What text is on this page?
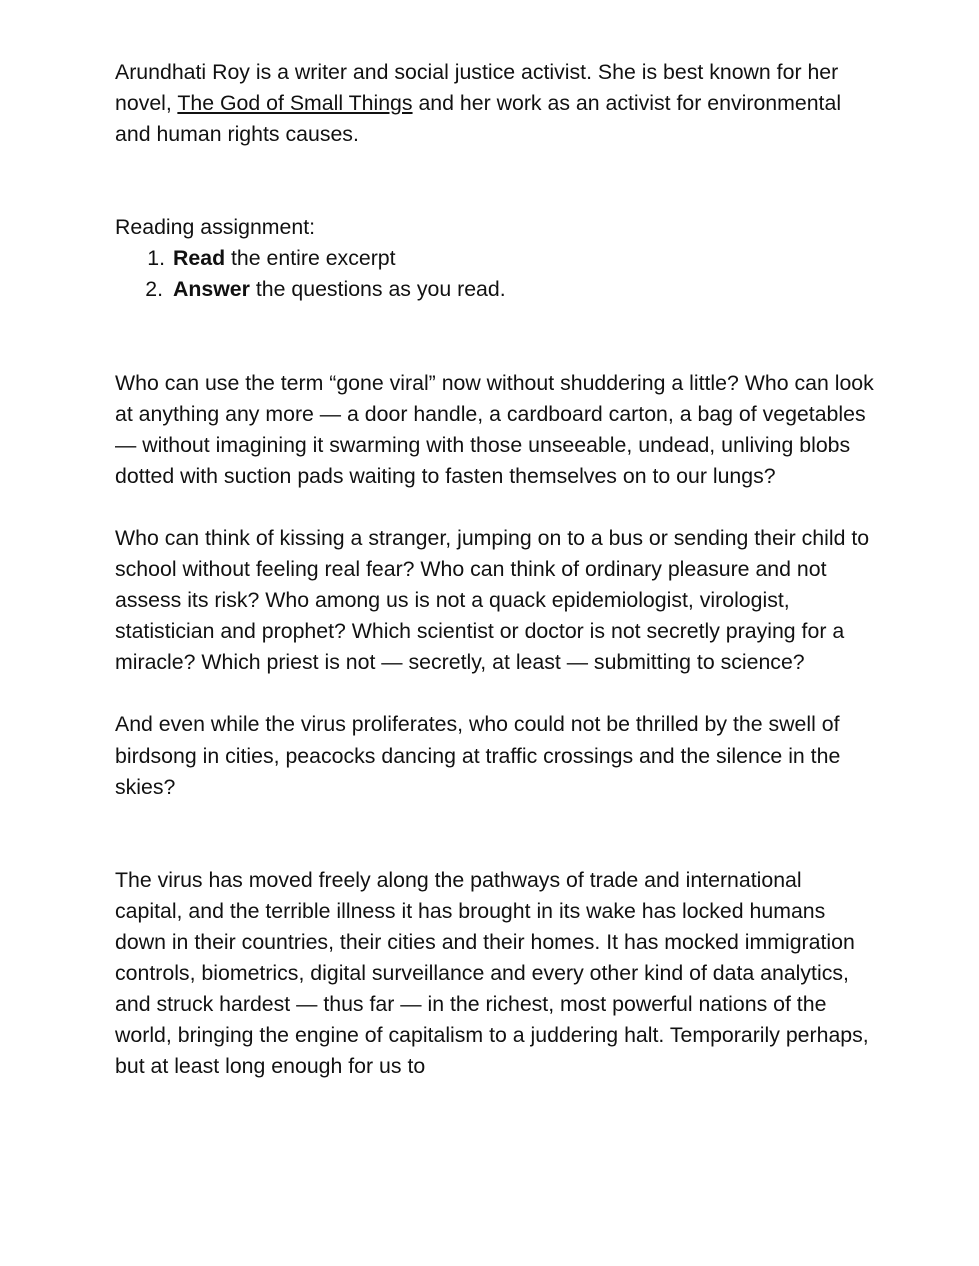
Arundhati Roy is a writer and social justice activist. She is best known for her novel, The God of Small Things and her work as an activist for environmental and human rights causes.

Reading assignment:

1. Read the entire excerpt
2. Answer the questions as you read.

Who can use the term “gone viral” now without shuddering a little? Who can look at anything any more — a door handle, a cardboard carton, a bag of vegetables — without imagining it swarming with those unseeable, undead, unliving blobs dotted with suction pads waiting to fasten themselves on to our lungs?

Who can think of kissing a stranger, jumping on to a bus or sending their child to school without feeling real fear? Who can think of ordinary pleasure and not assess its risk? Who among us is not a quack epidemiologist, virologist, statistician and prophet? Which scientist or doctor is not secretly praying for a miracle? Which priest is not — secretly, at least — submitting to science?

And even while the virus proliferates, who could not be thrilled by the swell of birdsong in cities, peacocks dancing at traffic crossings and the silence in the skies?

The virus has moved freely along the pathways of trade and international capital, and the terrible illness it has brought in its wake has locked humans down in their countries, their cities and their homes. It has mocked immigration controls, biometrics, digital surveillance and every other kind of data analytics, and struck hardest — thus far — in the richest, most powerful nations of the world, bringing the engine of capitalism to a juddering halt. Temporarily perhaps, but at least long enough for us to
